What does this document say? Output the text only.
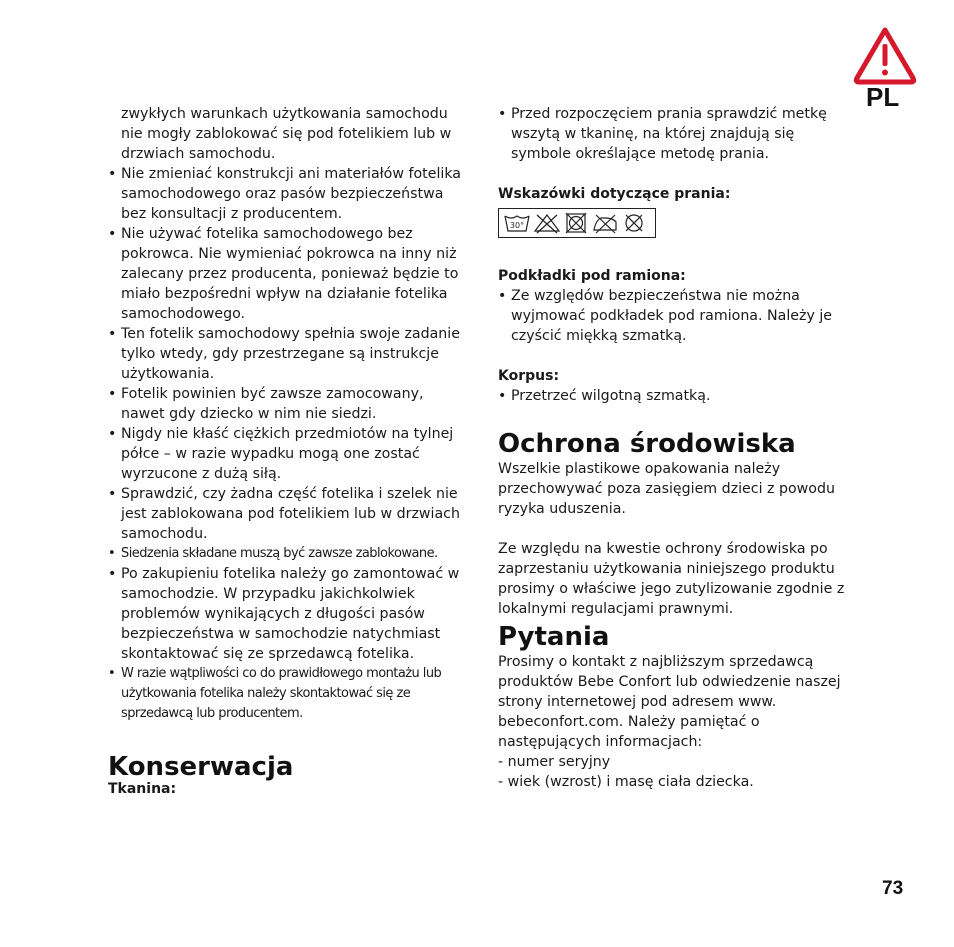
PL

zwykłych warunkach użytkowania samochodu nie mogły zablokować się pod fotelikiem lub w drzwiach samochodu.

• Nie zmieniać konstrukcji ani materiałów fotelika samochodowego oraz pasów bezpieczeństwa bez konsultacji z producentem.
• Nie używać fotelika samochodowego bez pokrowca. Nie wymieniać pokrowca na inny niż zalecany przez producenta, ponieważ będzie to miało bezpośredni wpływ na działanie fotelika samochodowego.
• Ten fotelik samochodowy spełnia swoje zadanie tylko wtedy, gdy przestrzegane są instrukcje użytkowania.
• Fotelik powinien być zawsze zamocowany, nawet gdy dziecko w nim nie siedzi.
• Nigdy nie kłaść ciężkich przedmiotów na tylnej półce – w razie wypadku mogą one zostać wyrzucone z dużą siłą.
• Sprawdzić, czy żadna część fotelika i szelek nie jest zablokowana pod fotelikiem lub w drzwiach samochodu.
• Siedzenia składane muszą być zawsze zablokowane.
• Po zakupieniu fotelika należy go zamontować w samochodzie. W przypadku jakichkolwiek problemów wynikających z długości pasów bezpieczeństwa w samochodzie natychmiast skontaktować się ze sprzedawcą fotelika.
• W razie wątpliwości co do prawidłowego montażu lub użytkowania fotelika należy skontaktować się ze sprzedawcą lub producentem.
Konserwacja
Tkanina:
• Przed rozpoczęciem prania sprawdzić metkę wszytą w tkaninę, na której znajdują się symbole określające metodę prania.
Wskazówki dotyczące prania:
30°
Podkładki pod ramiona:
• Ze względów bezpieczeństwa nie można wyjmować podkładek pod ramiona. Należy je czyścić miękką szmatką.
Korpus:
• Przetrzeć wilgotną szmatką.
Ochrona środowiska

Wszelkie plastikowe opakowania należy przechowywać poza zasięgiem dzieci z powodu ryzyka uduszenia.

Ze względu na kwestie ochrony środowiska po zaprzestaniu użytkowania niniejszego produktu prosimy o właściwe jego zutylizowanie zgodnie z lokalnymi regulacjami prawnymi.

Pytania

Prosimy o kontakt z najbliższym sprzedawcą produktów Bebe Confort lub odwiedzenie naszej strony internetowej pod adresem www. bebeconfort.com. Należy pamiętać o następujących informacjach:

- numer seryjny
- wiek (wzrost) i masę ciała dziecka.
73
